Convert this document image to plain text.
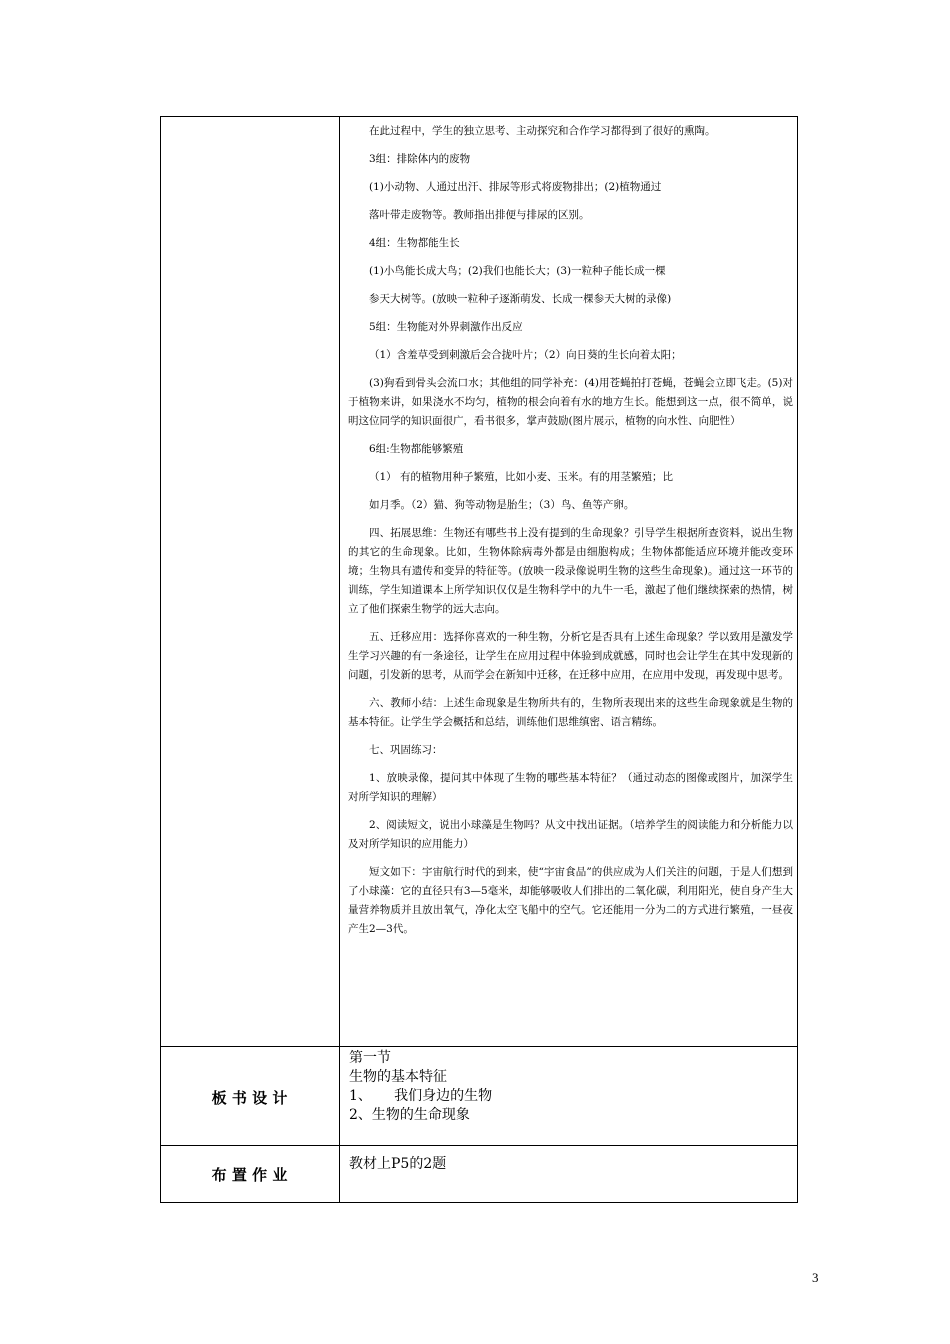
在此过程中，学生的独立思考、主动探究和合作学习都得到了很好的熏陶。

3组：排除体内的废物

(1)小动物、人通过出汗、排尿等形式将废物排出；(2)植物通过

落叶带走废物等。教师指出排便与排尿的区别。

4组：生物都能生长

(1)小鸟能长成大鸟；(2)我们也能长大；(3)一粒种子能长成一棵

参天大树等。(放映一粒种子逐渐萌发、长成一棵参天大树的录像)

5组：生物能对外界刺激作出反应

（1）含羞草受到刺激后会合拢叶片；（2）向日葵的生长向着太阳；

(3)狗看到骨头会流口水；其他组的同学补充：(4)用苍蝇拍打苍蝇，苍蝇会立即飞走。(5)对于植物来讲，如果浇水不均匀，植物的根会向着有水的地方生长。能想到这一点，很不简单，说明这位同学的知识面很广，看书很多，掌声鼓励(图片展示，植物的向水性、向肥性）

6组:生物都能够繁殖

（1） 有的植物用种子繁殖，比如小麦、玉米。有的用茎繁殖；比

如月季。（2）猫、狗等动物是胎生；（3）鸟、鱼等产卵。

四、拓展思维：生物还有哪些书上没有提到的生命现象？引导学生根据所查资料，说出生物的其它的生命现象。比如，生物体除病毒外都是由细胞构成；生物体都能适应环境并能改变环境；生物具有遗传和变异的特征等。(放映一段录像说明生物的这些生命现象)。通过这一环节的训练，学生知道课本上所学知识仅仅是生物科学中的九牛一毛，激起了他们继续探索的热情，树立了他们探索生物学的远大志向。

五、迁移应用：选择你喜欢的一种生物，分析它是否具有上述生命现象？学以致用是激发学生学习兴趣的有一条途径，让学生在应用过程中体验到成就感，同时也会让学生在其中发现新的问题，引发新的思考，从而学会在新知中迁移，在迁移中应用，在应用中发现，再发现中思考。

六、教师小结：上述生命现象是生物所共有的，生物所表现出来的这些生命现象就是生物的基本特征。让学生学会概括和总结，训练他们思维缜密、语言精练。

七、巩固练习：

1、放映录像，提问其中体现了生物的哪些基本特征？（通过动态的图像或图片，加深学生对所学知识的理解）

2、阅读短文，说出小球藻是生物吗？从文中找出证据。（培养学生的阅读能力和分析能力以及对所学知识的应用能力）

短文如下：宇宙航行时代的到来，使“宇宙食品”的供应成为人们关注的问题，于是人们想到了小球藻：它的直径只有3—5毫米，却能够吸收人们排出的二氧化碳，利用阳光，使自身产生大量营养物质并且放出氧气，净化太空飞船中的空气。它还能用一分为二的方式进行繁殖，一昼夜产生2—3代。

板 书 设 计
第一节
生物的基本特征
1、     我们身边的生物
2、生物的生命现象
布 置 作 业
教材上P5的2题
3
